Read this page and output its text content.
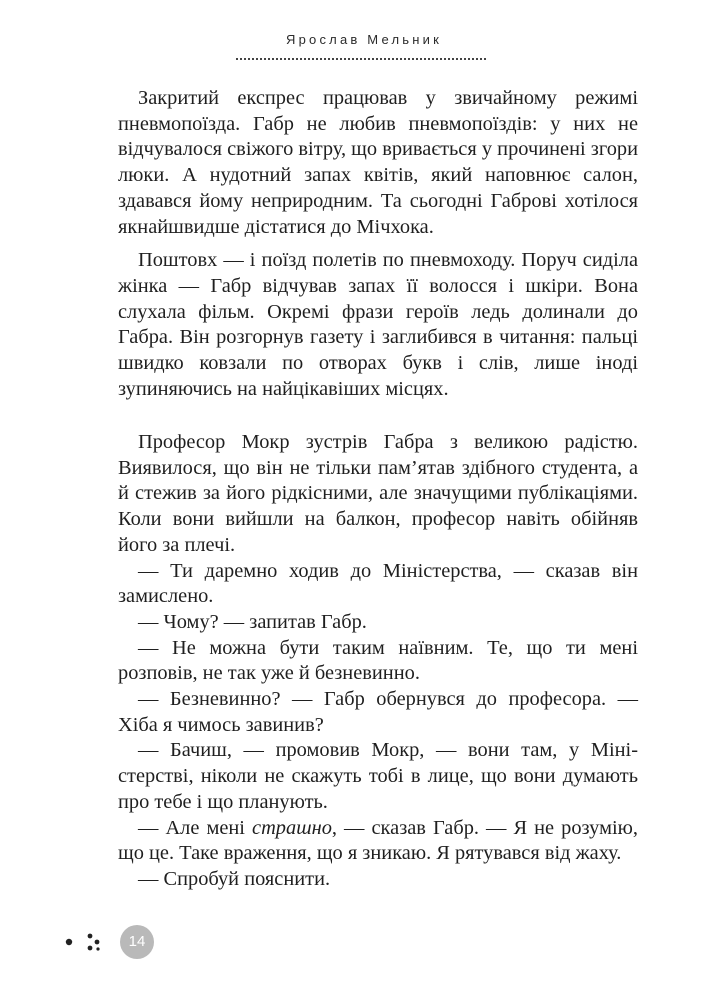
Ярослав Мельник

Закритий експрес працював у звичайному режимі пневмопоїзда. Габр не любив пневмопоїздів: у них не відчувалося свіжого вітру, що вривається у прочинені згори люки. А нудотний запах квітів, який наповнює салон, здавався йому неприродним. Та сьогодні Габрові хотілося якнайшвидше дістатися до Мічхока.

Поштовх — і поїзд полетів по пневмоходу. Поруч сиділа жінка — Габр відчував запах її волосся і шкіри. Вона слухала фільм. Окремі фрази героїв ледь долинали до Габра. Він розгорнув газету і заглибився в читання: пальці швидко ковзали по отворах букв і слів, лише іноді зупиняючись на найцікавіших місцях.

Професор Мокр зустрів Габра з великою радістю. Виявилося, що він не тільки пам’ятав здібного студента, а й стежив за його рідкісними, але значущими публікаціями. Коли вони вийшли на балкон, професор навіть обійняв його за плечі.

— Ти даремно ходив до Міністерства, — сказав він замислено.

— Чому? — запитав Габр.

— Не можна бути таким наївним. Те, що ти мені розповів, не так уже й безневинно.

— Безневинно? — Габр обернувся до професора. — Хіба я чимось завинив?

— Бачиш, — промовив Мокр, — вони там, у Міністерстві, ніколи не скажуть тобі в лице, що вони думають про тебе і що планують.

— Але мені страшно, — сказав Габр. — Я не розумію, що це. Таке враження, що я зникаю. Я рятувався від жаху.

— Спробуй пояснити.

14
